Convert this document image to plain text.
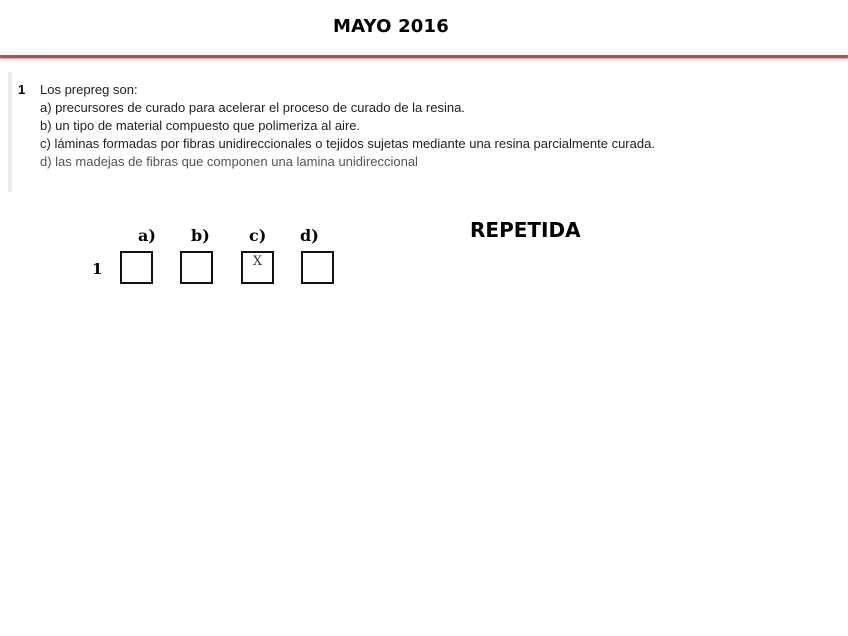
MAYO 2016
1 Los prepreg son:
a) precursores de curado para acelerar el proceso de curado de la resina.
b) un tipo de material compuesto que polimeriza al aire.
c) láminas formadas por fibras unidireccionales o tejidos sujetas mediante una resina parcialmente curada.
d) las madejas de fibras que componen una lamina unidireccional
a) b) c) d)
1	X
REPETIDA
